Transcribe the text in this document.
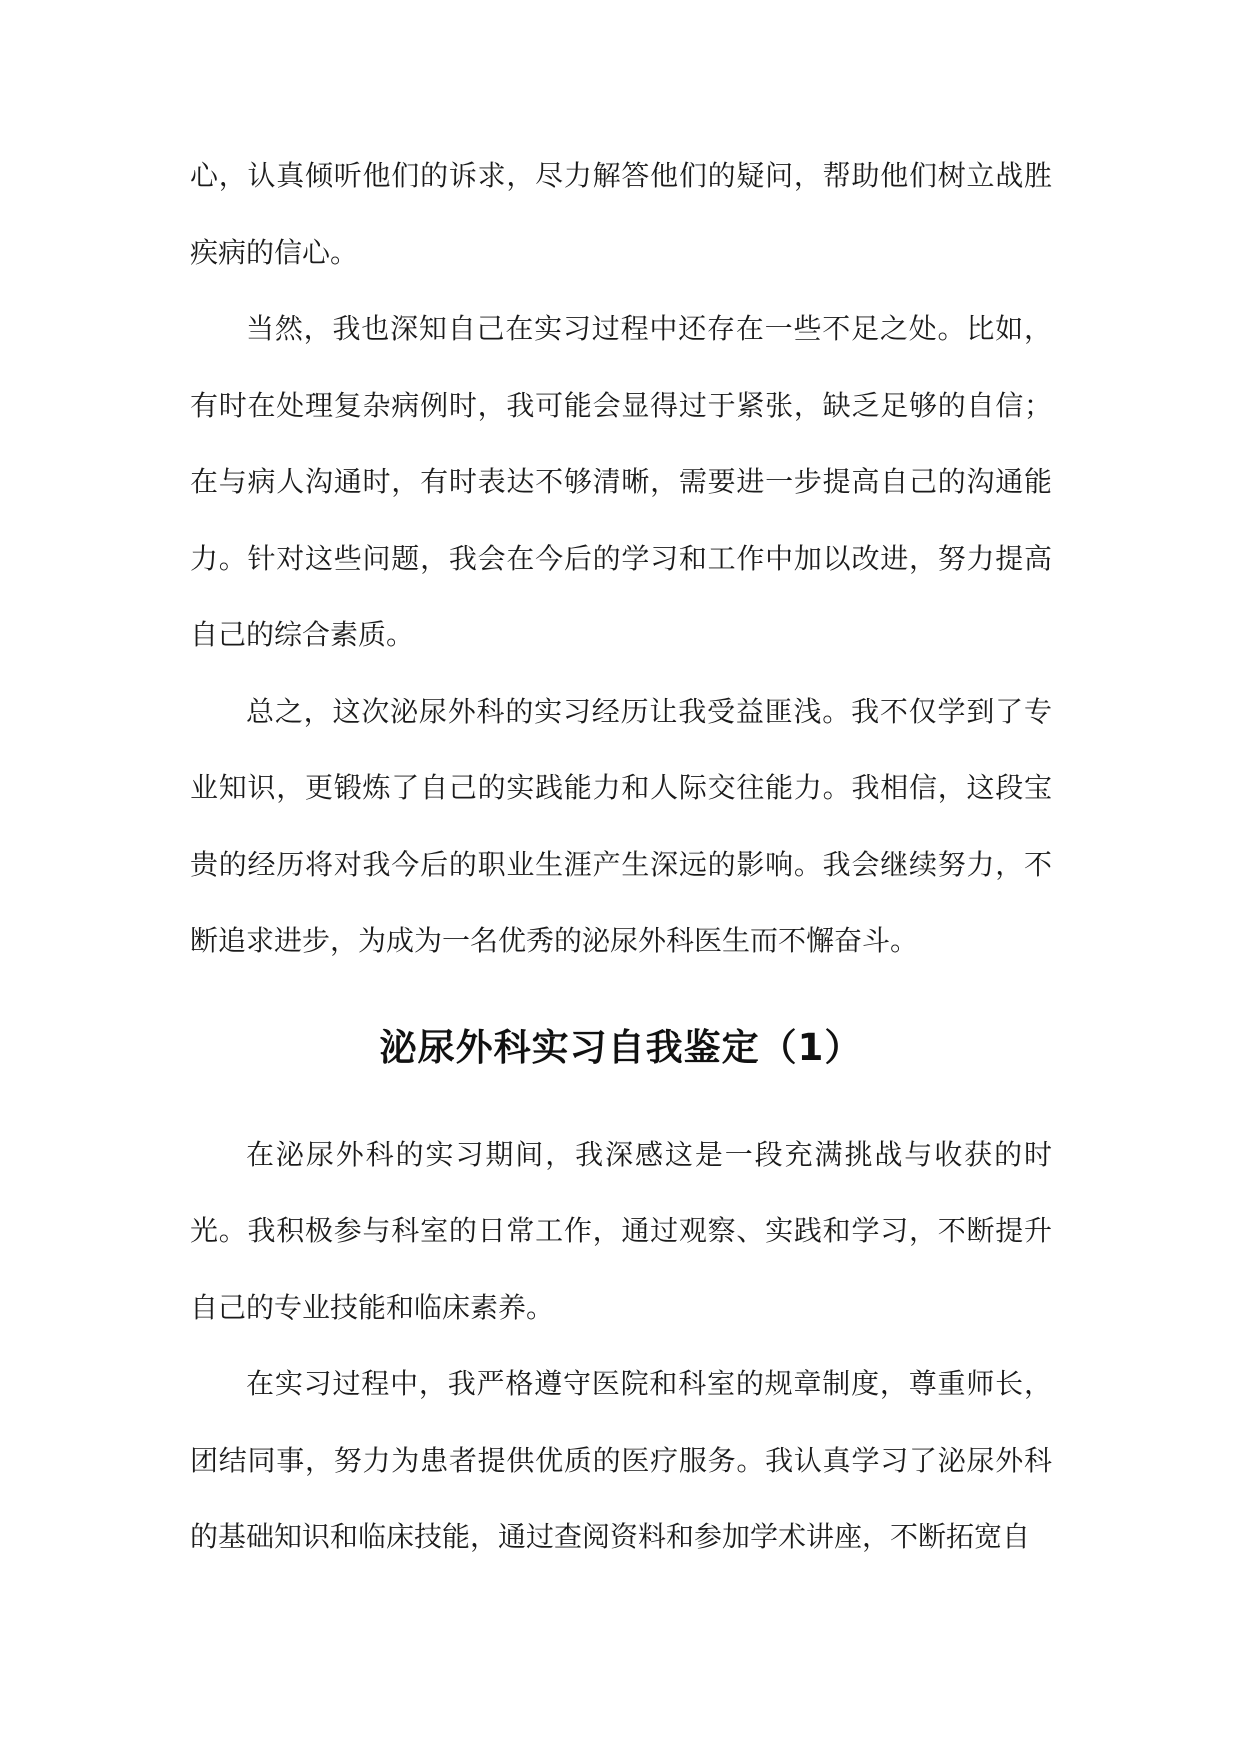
心，认真倾听他们的诉求，尽力解答他们的疑问，帮助他们树立战胜疾病的信心。

当然，我也深知自己在实习过程中还存在一些不足之处。比如，有时在处理复杂病例时，我可能会显得过于紧张，缺乏足够的自信；在与病人沟通时，有时表达不够清晰，需要进一步提高自己的沟通能力。针对这些问题，我会在今后的学习和工作中加以改进，努力提高自己的综合素质。

总之，这次泌尿外科的实习经历让我受益匪浅。我不仅学到了专业知识，更锻炼了自己的实践能力和人际交往能力。我相信，这段宝贵的经历将对我今后的职业生涯产生深远的影响。我会继续努力，不断追求进步，为成为一名优秀的泌尿外科医生而不懈奋斗。

泌尿外科实习自我鉴定（1）

在泌尿外科的实习期间，我深感这是一段充满挑战与收获的时光。我积极参与科室的日常工作，通过观察、实践和学习，不断提升自己的专业技能和临床素养。

在实习过程中，我严格遵守医院和科室的规章制度，尊重师长，团结同事，努力为患者提供优质的医疗服务。我认真学习了泌尿外科的基础知识和临床技能，通过查阅资料和参加学术讲座，不断拓宽自
